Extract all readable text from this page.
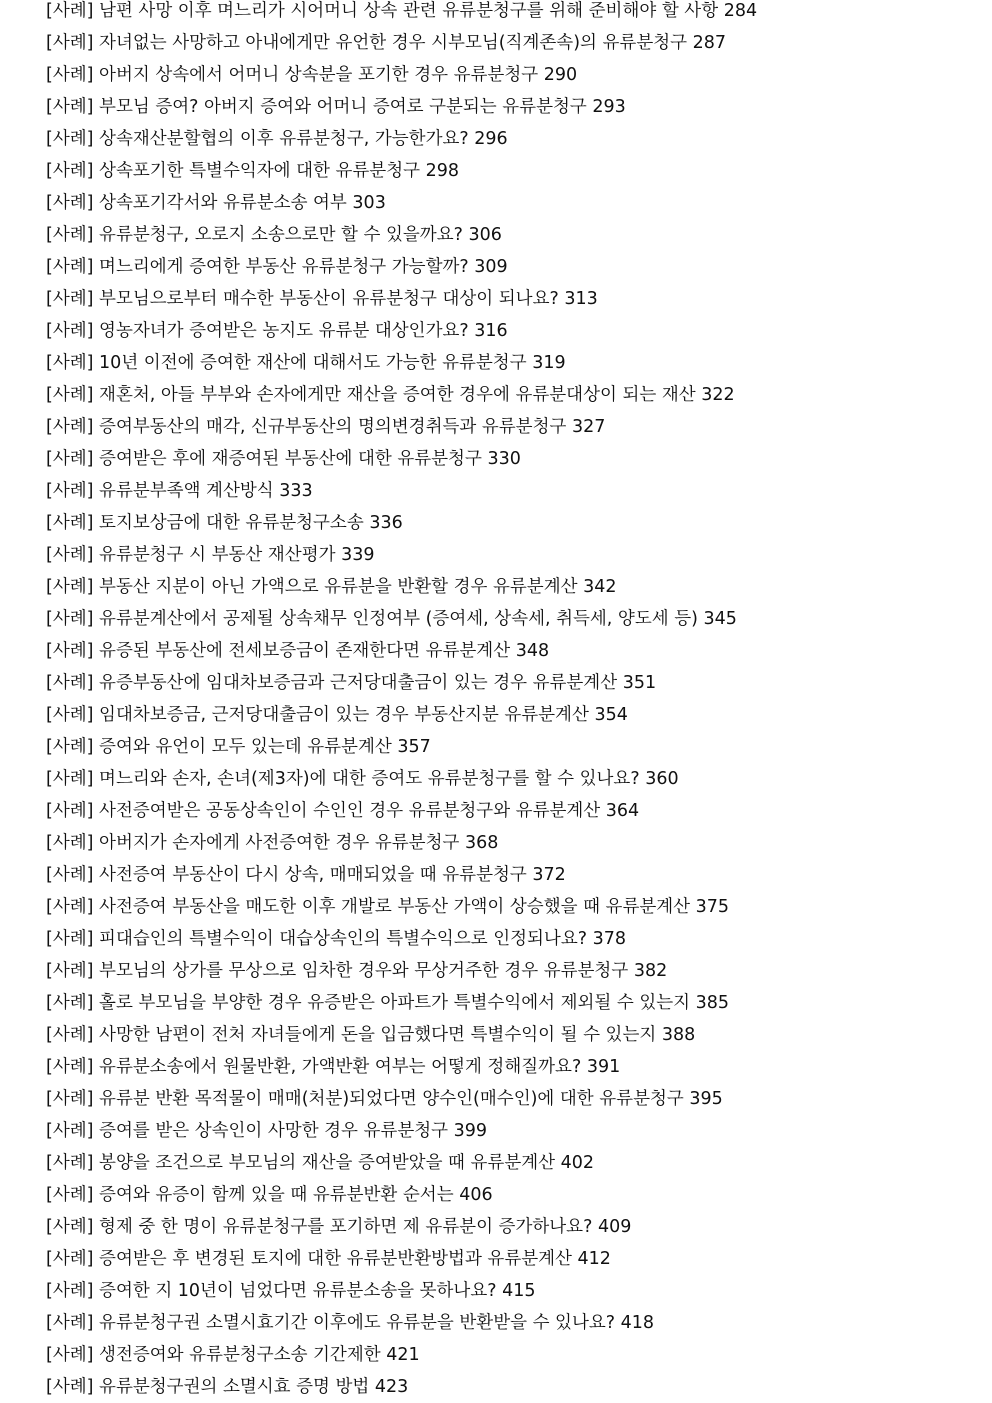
[사례] 남편 사망 이후 며느리가 시어머니 상속 관련 유류분청구를 위해 준비해야 할 사항 284
[사례] 자녀없는 사망하고 아내에게만 유언한 경우 시부모님(직계존속)의 유류분청구 287
[사례] 아버지 상속에서 어머니 상속분을 포기한 경우 유류분청구 290
[사례] 부모님 증여? 아버지 증여와 어머니 증여로 구분되는 유류분청구 293
[사례] 상속재산분할협의 이후 유류분청구, 가능한가요? 296
[사례] 상속포기한 특별수익자에 대한 유류분청구 298
[사례] 상속포기각서와 유류분소송 여부 303
[사례] 유류분청구, 오로지 소송으로만 할 수 있을까요? 306
[사례] 며느리에게 증여한 부동산 유류분청구 가능할까? 309
[사례] 부모님으로부터 매수한 부동산이 유류분청구 대상이 되나요? 313
[사례] 영농자녀가 증여받은 농지도 유류분 대상인가요? 316
[사례] 10년 이전에 증여한 재산에 대해서도 가능한 유류분청구 319
[사례] 재혼처, 아들 부부와 손자에게만 재산을 증여한 경우에 유류분대상이 되는 재산 322
[사례] 증여부동산의 매각, 신규부동산의 명의변경취득과 유류분청구 327
[사례] 증여받은 후에 재증여된 부동산에 대한 유류분청구 330
[사례] 유류분부족액 계산방식 333
[사례] 토지보상금에 대한 유류분청구소송 336
[사례] 유류분청구 시 부동산 재산평가 339
[사례] 부동산 지분이 아닌 가액으로 유류분을 반환할 경우 유류분계산 342
[사례] 유류분계산에서 공제될 상속채무 인정여부 (증여세, 상속세, 취득세, 양도세 등) 345
[사례] 유증된 부동산에 전세보증금이 존재한다면 유류분계산 348
[사례] 유증부동산에 임대차보증금과 근저당대출금이 있는 경우 유류분계산 351
[사례] 임대차보증금, 근저당대출금이 있는 경우 부동산지분 유류분계산 354
[사례] 증여와 유언이 모두 있는데 유류분계산 357
[사례] 며느리와 손자, 손녀(제3자)에 대한 증여도 유류분청구를 할 수 있나요? 360
[사례] 사전증여받은 공동상속인이 수인인 경우 유류분청구와 유류분계산 364
[사례] 아버지가 손자에게 사전증여한 경우 유류분청구 368
[사례] 사전증여 부동산이 다시 상속, 매매되었을 때 유류분청구 372
[사례] 사전증여 부동산을 매도한 이후 개발로 부동산 가액이 상승했을 때 유류분계산 375
[사례] 피대습인의 특별수익이 대습상속인의 특별수익으로 인정되나요? 378
[사례] 부모님의 상가를 무상으로 임차한 경우와 무상거주한 경우 유류분청구 382
[사례] 홀로 부모님을 부양한 경우 유증받은 아파트가 특별수익에서 제외될 수 있는지 385
[사례] 사망한 남편이 전처 자녀들에게 돈을 입금했다면 특별수익이 될 수 있는지 388
[사례] 유류분소송에서 원물반환, 가액반환 여부는 어떻게 정해질까요? 391
[사례] 유류분 반환 목적물이 매매(처분)되었다면 양수인(매수인)에 대한 유류분청구 395
[사례] 증여를 받은 상속인이 사망한 경우 유류분청구 399
[사례] 봉양을 조건으로 부모님의 재산을 증여받았을 때 유류분계산 402
[사례] 증여와 유증이 함께 있을 때 유류분반환 순서는 406
[사례] 형제 중 한 명이 유류분청구를 포기하면 제 유류분이 증가하나요? 409
[사례] 증여받은 후 변경된 토지에 대한 유류분반환방법과 유류분계산 412
[사례] 증여한 지 10년이 넘었다면 유류분소송을 못하나요? 415
[사례] 유류분청구권 소멸시효기간 이후에도 유류분을 반환받을 수 있나요? 418
[사례] 생전증여와 유류분청구소송 기간제한 421
[사례] 유류분청구권의 소멸시효 증명 방법 423
